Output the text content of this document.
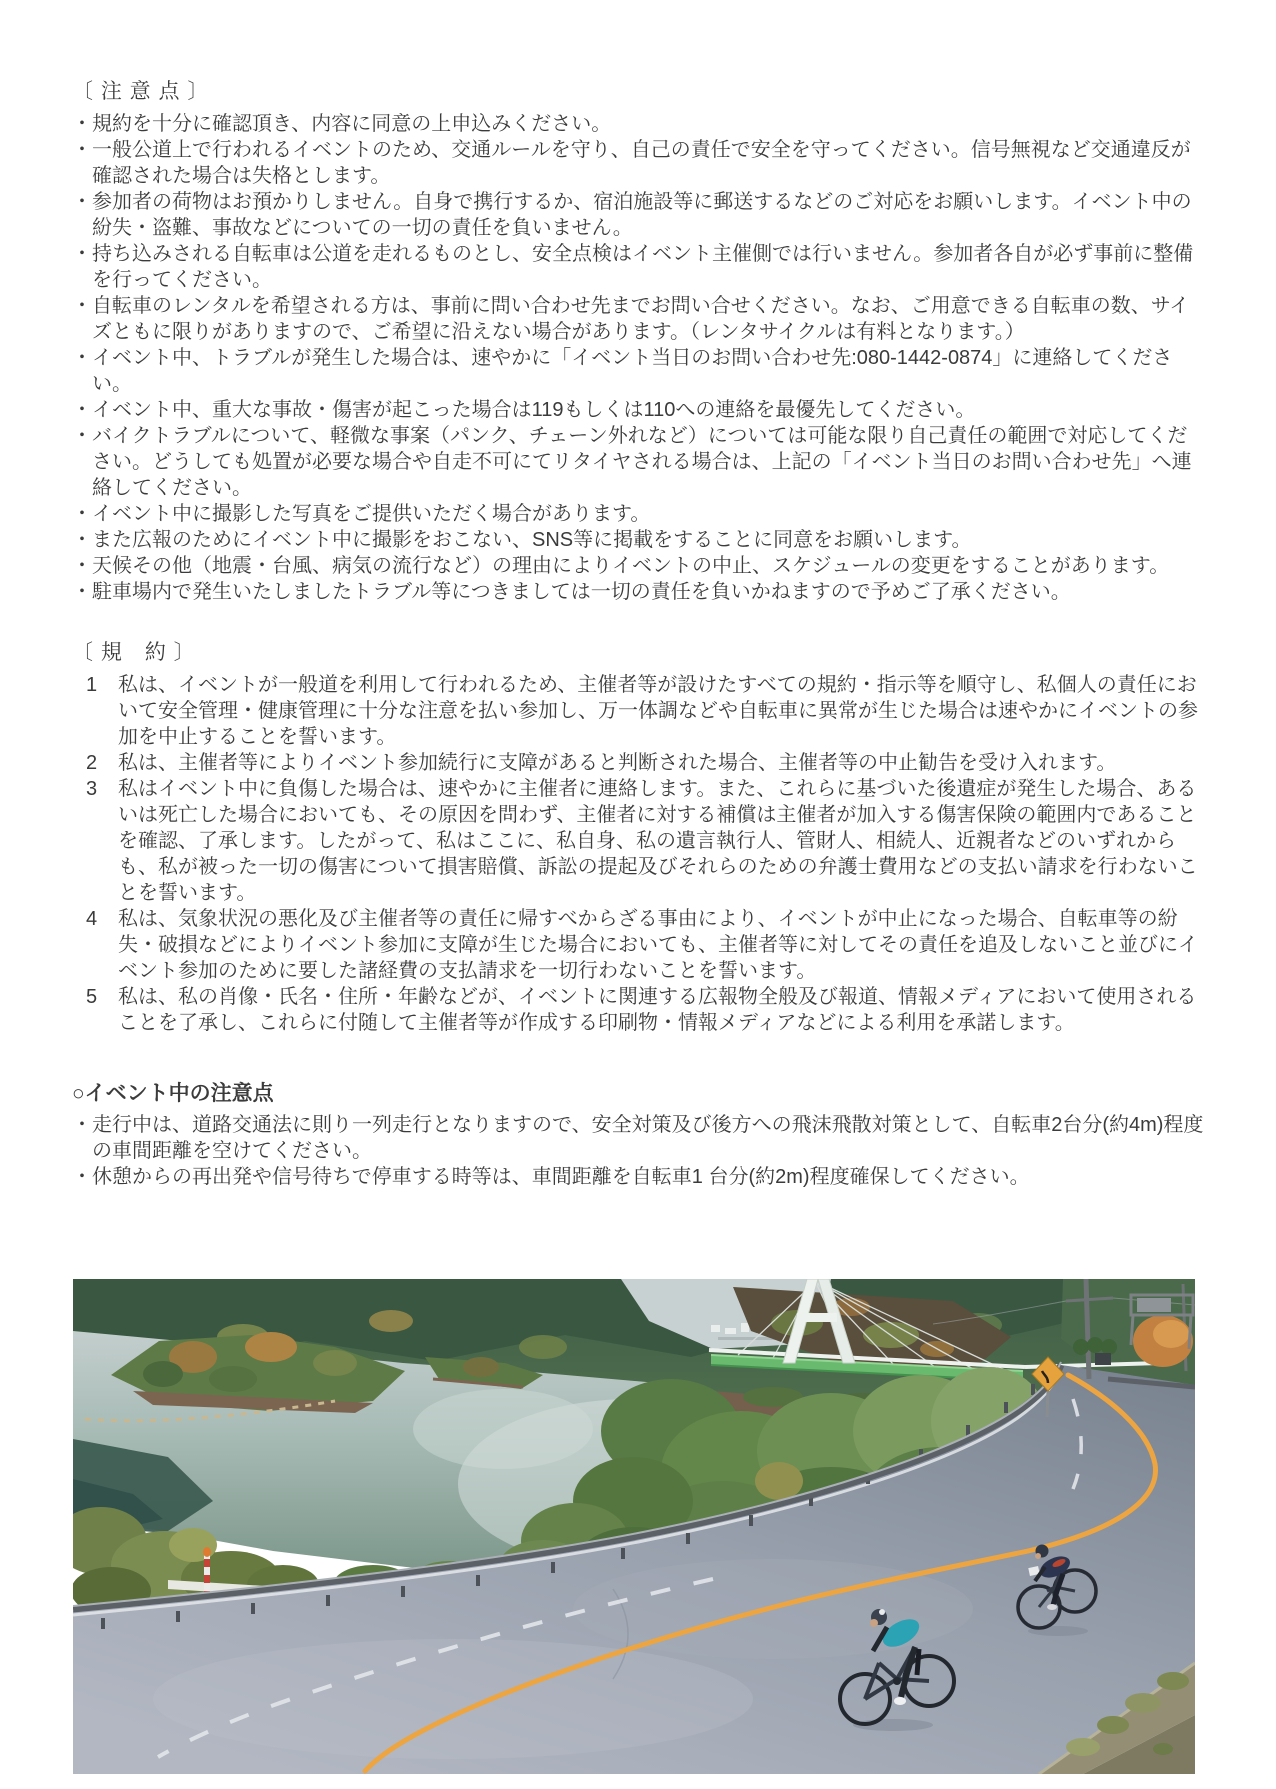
〔 注 意 点 〕
・ 規約を十分に確認頂き、内容に同意の上申込みください。
・ 一般公道上で行われるイベントのため、交通ルールを守り、自己の責任で安全を守ってください。信号無視など交通違反が確認された場合は失格とします。
・ 参加者の荷物はお預かりしません。自身で携行するか、宿泊施設等に郵送するなどのご対応をお願いします。イベント中の紛失・盗難、事故などについての一切の責任を負いません。
・ 持ち込みされる自転車は公道を走れるものとし、安全点検はイベント主催側では行いません。参加者各自が必ず事前に整備を行ってください。
・ 自転車のレンタルを希望される方は、事前に問い合わせ先までお問い合せください。なお、ご用意できる自転車の数、サイズともに限りがありますので、ご希望に沿えない場合があります。（レンタサイクルは有料となります。）
・ イベント中、トラブルが発生した場合は、速やかに「イベント当日のお問い合わせ先:080-1442-0874」に連絡してください。
・ イベント中、重大な事故・傷害が起こった場合は119もしくは110への連絡を最優先してください。
・ バイクトラブルについて、軽微な事案（パンク、チェーン外れなど）については可能な限り自己責任の範囲で対応してください。どうしても処置が必要な場合や自走不可にてリタイヤされる場合は、上記の「イベント当日のお問い合わせ先」へ連絡してください。
・ イベント中に撮影した写真をご提供いただく場合があります。
・ また広報のためにイベント中に撮影をおこない、SNS等に掲載をすることに同意をお願いします。
・ 天候その他（地震・台風、病気の流行など）の理由によりイベントの中止、スケジュールの変更をすることがあります。
・ 駐車場内で発生いたしましたトラブル等につきましては一切の責任を負いかねますので予めご了承ください。
〔 規　約 〕
1	私は、イベントが一般道を利用して行われるため、主催者等が設けたすべての規約・指示等を順守し、私個人の責任において安全管理・健康管理に十分な注意を払い参加し、万一体調などや自転車に異常が生じた場合は速やかにイベントの参加を中止することを誓います。
2	私は、主催者等によりイベント参加続行に支障があると判断された場合、主催者等の中止勧告を受け入れます。
3	私はイベント中に負傷した場合は、速やかに主催者に連絡します。また、これらに基づいた後遺症が発生した場合、あるいは死亡した場合においても、その原因を問わず、主催者に対する補償は主催者が加入する傷害保険の範囲内であることを確認、了承します。したがって、私はここに、私自身、私の遺言執行人、管財人、相続人、近親者などのいずれからも、私が被った一切の傷害について損害賠償、訴訟の提起及びそれらのための弁護士費用などの支払い請求を行わないことを誓います。
4	私は、気象状況の悪化及び主催者等の責任に帰すべからざる事由により、イベントが中止になった場合、自転車等の紛失・破損などによりイベント参加に支障が生じた場合においても、主催者等に対してその責任を追及しないこと並びにイベント参加のために要した諸経費の支払請求を一切行わないことを誓います。
5	私は、私の肖像・氏名・住所・年齢などが、イベントに関連する広報物全般及び報道、情報メディアにおいて使用されることを了承し、これらに付随して主催者等が作成する印刷物・情報メディアなどによる利用を承諾します。
○イベント中の注意点
・ 走行中は、道路交通法に則り一列走行となりますので、安全対策及び後方への飛沫飛散対策として、自転車2台分(約4m)程度の車間距離を空けてください。
・ 休憩からの再出発や信号待ちで停車する時等は、車間距離を自転車1 台分(約2m)程度確保してください。
